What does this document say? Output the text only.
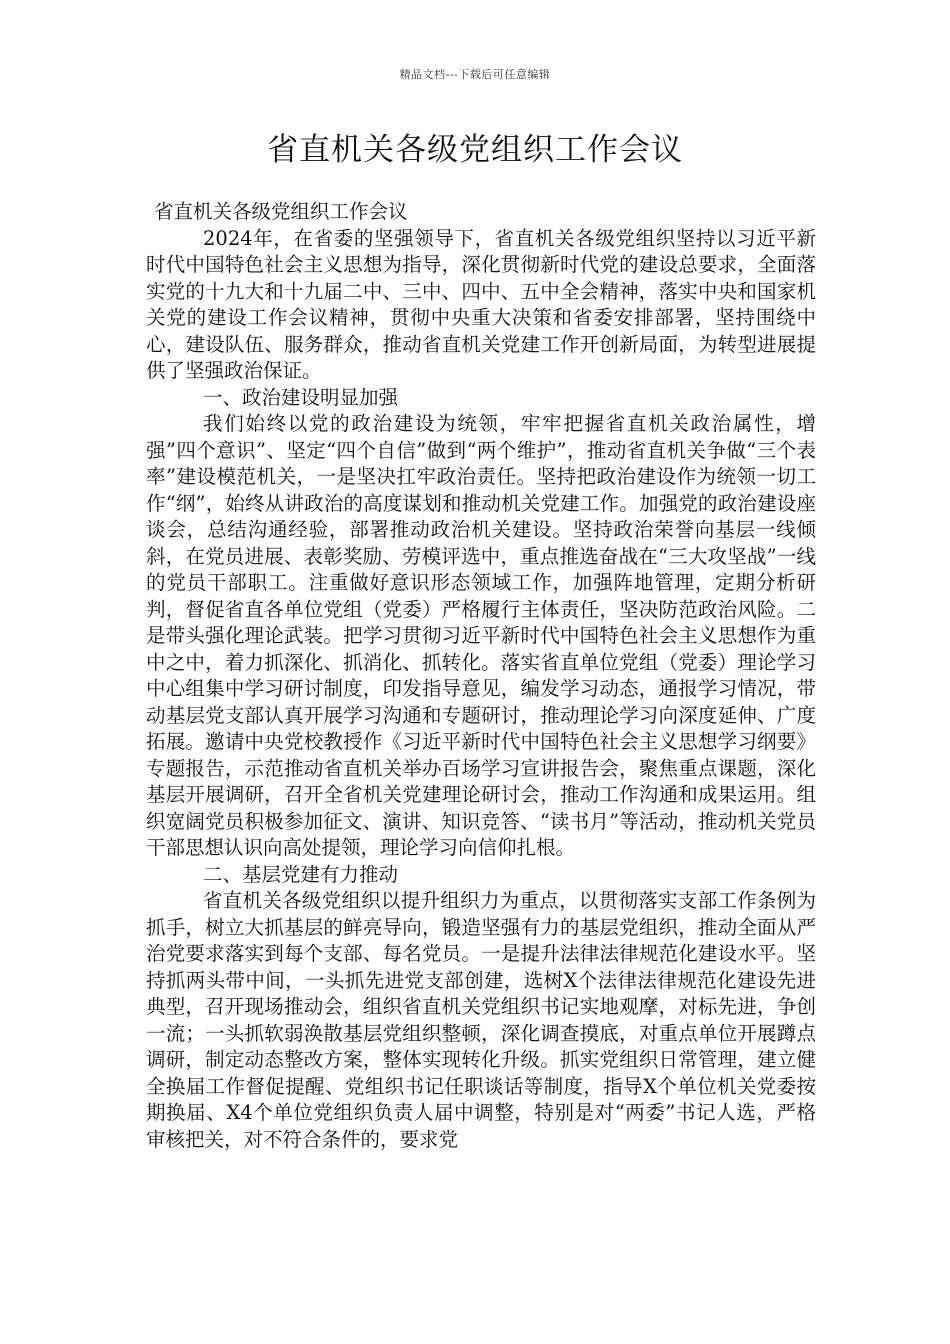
精品文档---下载后可任意编辑
省直机关各级党组织工作会议

省直机关各级党组织工作会议

2024年，在省委的坚强领导下，省直机关各级党组织坚持以习近平新时代中国特色社会主义思想为指导，深化贯彻新时代党的建设总要求，全面落实党的十九大和十九届二中、三中、四中、五中全会精神，落实中央和国家机关党的建设工作会议精神，贯彻中央重大决策和省委安排部署，坚持围绕中心，建设队伍、服务群众，推动省直机关党建工作开创新局面，为转型进展提供了坚强政治保证。

一、政治建设明显加强

我们始终以党的政治建设为统领，牢牢把握省直机关政治属性，增强”四个意识”、坚定“四个自信”做到“两个维护”，推动省直机关争做“三个表率”建设模范机关，一是坚决扛牢政治责任。坚持把政治建设作为统领一切工作“纲”，始终从讲政治的高度谋划和推动机关党建工作。加强党的政治建设座谈会，总结沟通经验，部署推动政治机关建设。坚持政治荣誉向基层一线倾斜，在党员进展、表彰奖励、劳模评选中，重点推选奋战在“三大攻坚战”一线的党员干部职工。注重做好意识形态领域工作，加强阵地管理，定期分析研判，督促省直各单位党组（党委）严格履行主体责任，坚决防范政治风险。二是带头强化理论武装。把学习贯彻习近平新时代中国特色社会主义思想作为重中之中，着力抓深化、抓消化、抓转化。落实省直单位党组（党委）理论学习中心组集中学习研讨制度，印发指导意见，编发学习动态，通报学习情况，带动基层党支部认真开展学习沟通和专题研讨，推动理论学习向深度延伸、广度拓展。邀请中央党校教授作《习近平新时代中国特色社会主义思想学习纲要》专题报告，示范推动省直机关举办百场学习宣讲报告会，聚焦重点课题，深化基层开展调研，召开全省机关党建理论研讨会，推动工作沟通和成果运用。组织宽阔党员积极参加征文、演讲、知识竞答、“读书月”等活动，推动机关党员干部思想认识向高处提领，理论学习向信仰扎根。

二、基层党建有力推动

省直机关各级党组织以提升组织力为重点，以贯彻落实支部工作条例为抓手，树立大抓基层的鲜亮导向，锻造坚强有力的基层党组织，推动全面从严治党要求落实到每个支部、每名党员。一是提升法律法律规范化建设水平。坚持抓两头带中间，一头抓先进党支部创建，选树X个法律法律规范化建设先进典型，召开现场推动会，组织省直机关党组织书记实地观摩，对标先进，争创一流；一头抓软弱涣散基层党组织整顿，深化调查摸底，对重点单位开展蹲点调研，制定动态整改方案，整体实现转化升级。抓实党组织日常管理，建立健全换届工作督促提醒、党组织书记任职谈话等制度，指导X个单位机关党委按期换届、X4个单位党组织负责人届中调整，特别是对“两委”书记人选，严格审核把关，对不符合条件的，要求党
